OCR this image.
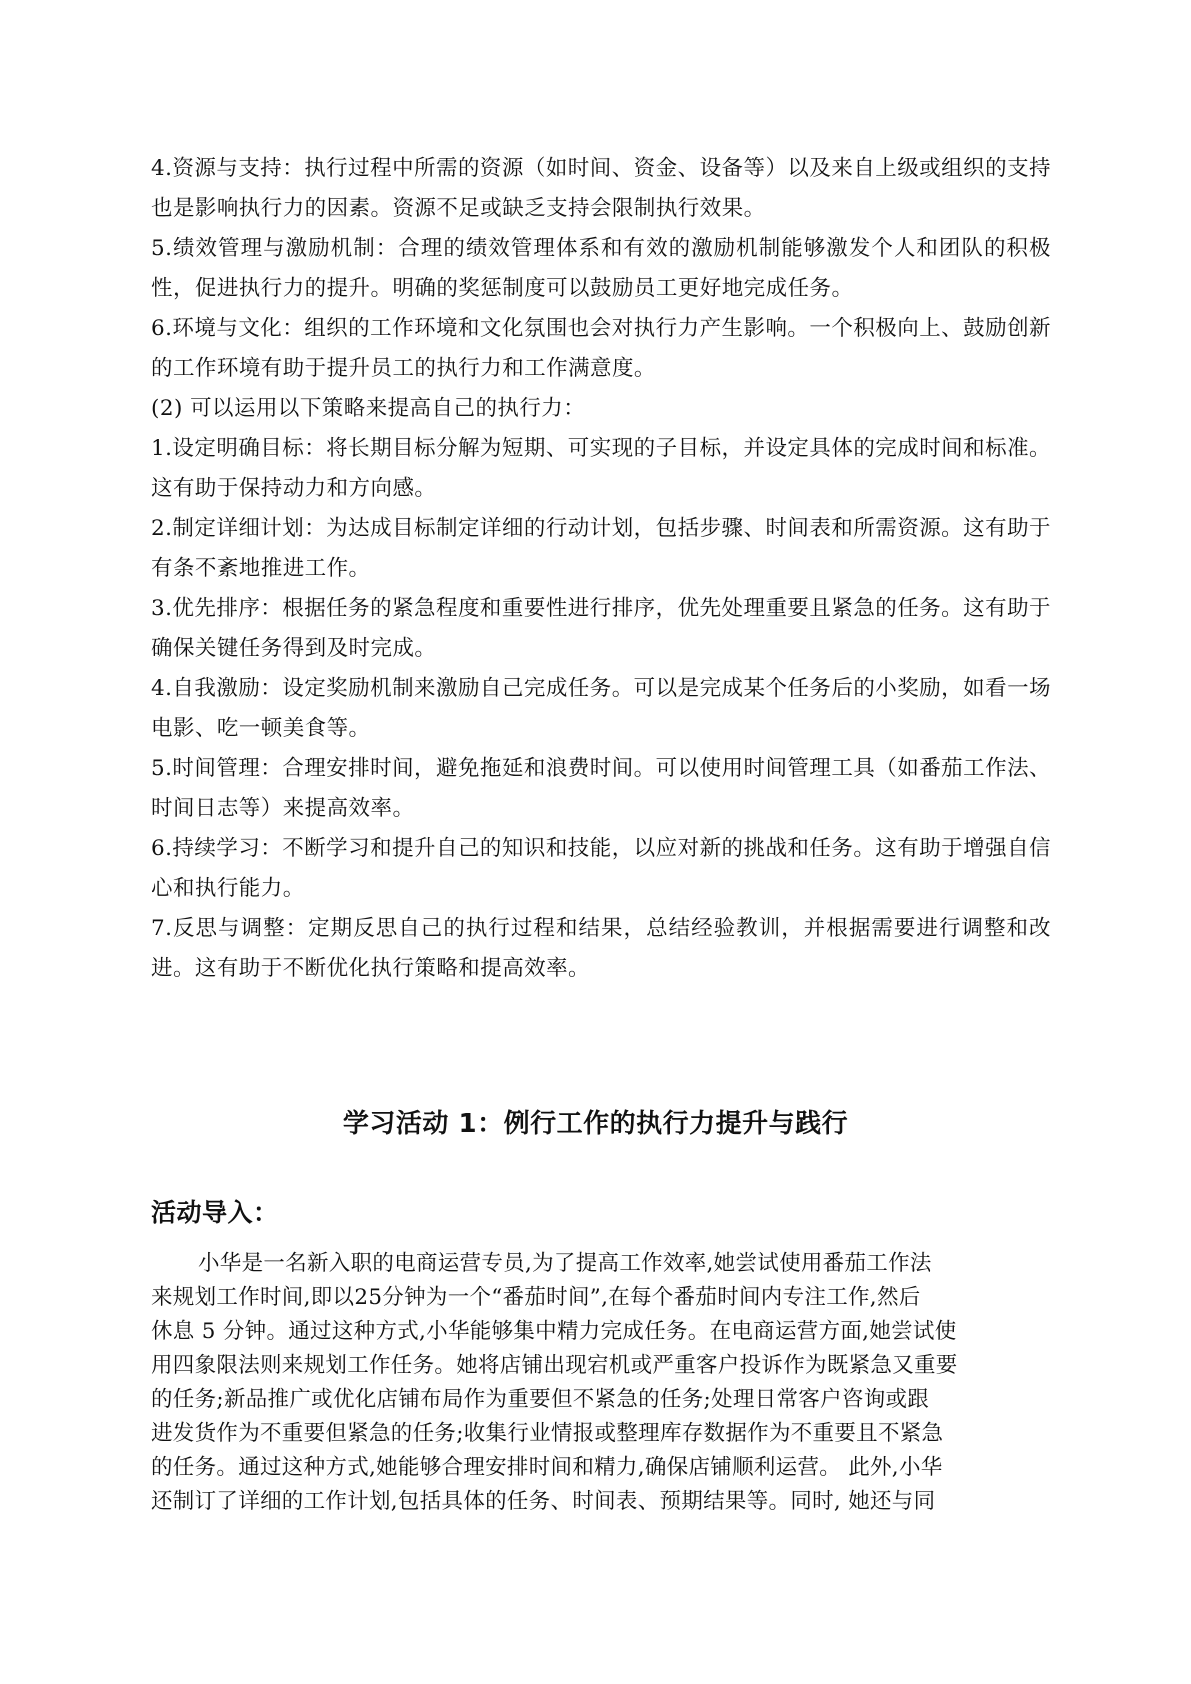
4.资源与支持：执行过程中所需的资源（如时间、资金、设备等）以及来自上级或组织的支持也是影响执行力的因素。资源不足或缺乏支持会限制执行效果。

5.绩效管理与激励机制：合理的绩效管理体系和有效的激励机制能够激发个人和团队的积极性，促进执行力的提升。明确的奖惩制度可以鼓励员工更好地完成任务。

6.环境与文化：组织的工作环境和文化氛围也会对执行力产生影响。一个积极向上、鼓励创新的工作环境有助于提升员工的执行力和工作满意度。

(2) 可以运用以下策略来提高自己的执行力：

1.设定明确目标：将长期目标分解为短期、可实现的子目标，并设定具体的完成时间和标准。这有助于保持动力和方向感。

2.制定详细计划：为达成目标制定详细的行动计划，包括步骤、时间表和所需资源。这有助于有条不紊地推进工作。

3.优先排序：根据任务的紧急程度和重要性进行排序，优先处理重要且紧急的任务。这有助于确保关键任务得到及时完成。

4.自我激励：设定奖励机制来激励自己完成任务。可以是完成某个任务后的小奖励，如看一场电影、吃一顿美食等。

5.时间管理：合理安排时间，避免拖延和浪费时间。可以使用时间管理工具（如番茄工作法、时间日志等）来提高效率。

6.持续学习：不断学习和提升自己的知识和技能，以应对新的挑战和任务。这有助于增强自信心和执行能力。

7.反思与调整：定期反思自己的执行过程和结果，总结经验教训，并根据需要进行调整和改进。这有助于不断优化执行策略和提高效率。

学习活动 1：例行工作的执行力提升与践行
活动导入：

小华是一名新入职的电商运营专员,为了提高工作效率,她尝试使用番茄工作法

来规划工作时间,即以25分钟为一个“番茄时间”,在每个番茄时间内专注工作,然后

休息 5 分钟。通过这种方式,小华能够集中精力完成任务。在电商运营方面,她尝试使

用四象限法则来规划工作任务。她将店铺出现宕机或严重客户投诉作为既紧急又重要

的任务;新品推广或优化店铺布局作为重要但不紧急的任务;处理日常客户咨询或跟

进发货作为不重要但紧急的任务;收集行业情报或整理库存数据作为不重要且不紧急

的任务。通过这种方式,她能够合理安排时间和精力,确保店铺顺利运营。 此外,小华

还制订了详细的工作计划,包括具体的任务、时间表、预期结果等。同时, 她还与同
